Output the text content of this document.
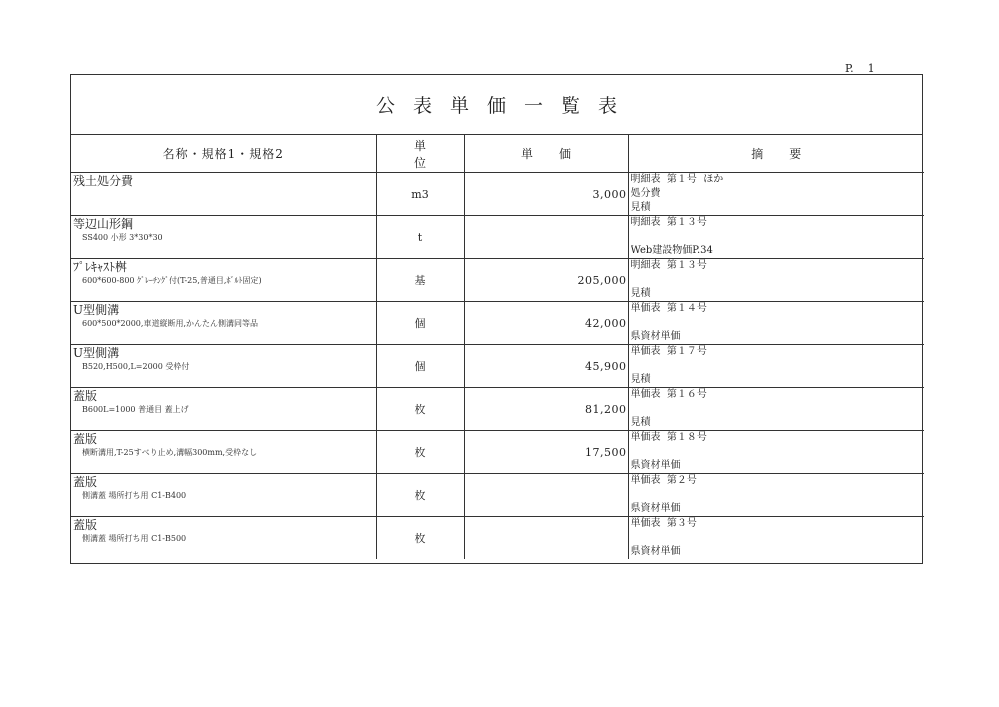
P.    1
公表単価一覧表
名称・規格1・規格2	単位	単価	摘要

残土処分費	m3	3,000	明細表  第１号  ほか
処分費
見積

等辺山形鋼
SS400 小形 3*30*30	t		明細表  第１３号
Web建設物価P.34

ﾌﾟﾚｷｬｽﾄ桝
600*600-800 ｸﾞﾚｰﾁﾝｸﾞ付(T-25,普通目,ﾎﾞﾙﾄ固定)	基	205,000	明細表  第１３号
見積

U型側溝
600*500*2000,車道縦断用,かんたん側溝同等品	個	42,000	単価表  第１４号
県資材単価

U型側溝
B520,H500,L=2000 受枠付	個	45,900	単価表  第１７号
見積

蓋版
B600L=1000 普通目 蓋上げ	枚	81,200	単価表  第１６号
見積

蓋版
横断溝用,T-25すべり止め,溝幅300mm,受枠なし	枚	17,500	単価表  第１８号
県資材単価

蓋版
側溝蓋 場所打ち用 C1-B400	枚		単価表  第２号
県資材単価

蓋版
側溝蓋 場所打ち用 C1-B500	枚		単価表  第３号
県資材単価
